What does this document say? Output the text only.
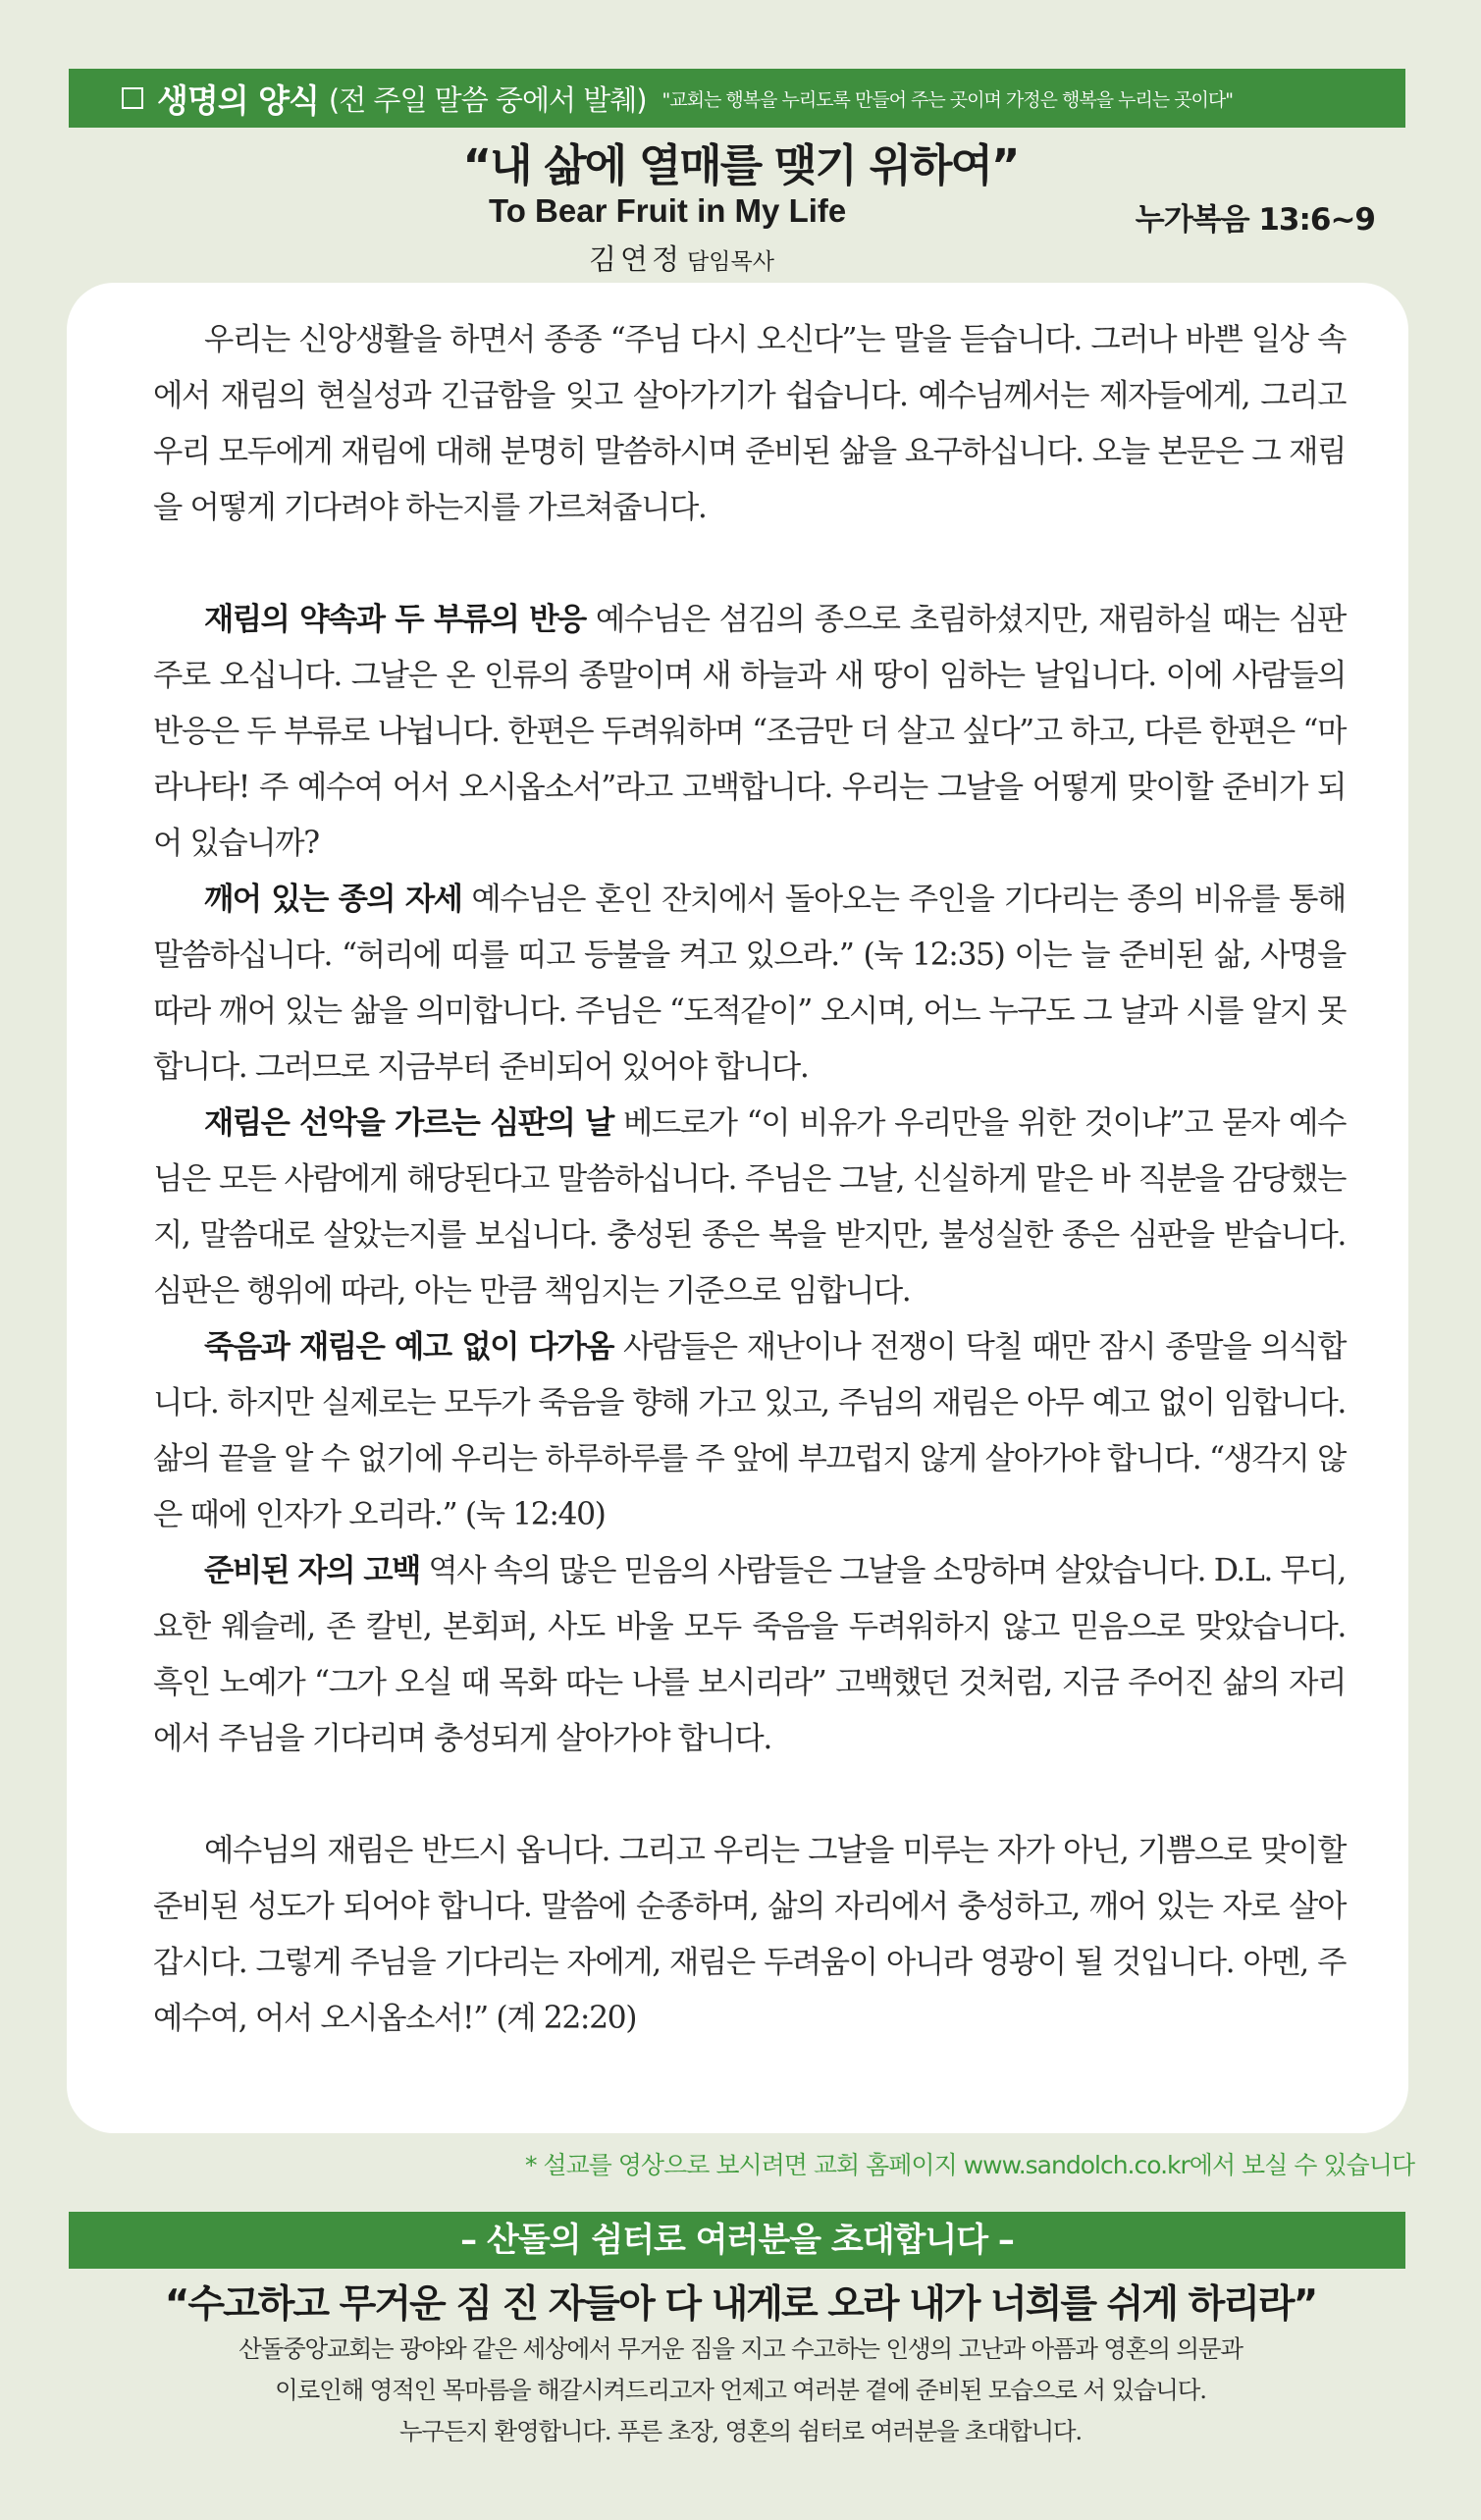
생명의 양식 (전 주일 말씀 중에서 발췌) "교회는 행복을 누리도록 만들어 주는 곳이며 가정은 행복을 누리는 곳이다"
“내 삶에 열매를 맺기 위하여”
To Bear Fruit in My Life	누가복음 13:6~9
김연정 담임목사

우리는 신앙생활을 하면서 종종 “주님 다시 오신다”는 말을 듣습니다. 그러나 바쁜 일상 속에서 재림의 현실성과 긴급함을 잊고 살아가기가 쉽습니다. 예수님께서는 제자들에게, 그리고 우리 모두에게 재림에 대해 분명히 말씀하시며 준비된 삶을 요구하십니다. 오늘 본문은 그 재림을 어떻게 기다려야 하는지를 가르쳐줍니다.

재림의 약속과 두 부류의 반응 예수님은 섬김의 종으로 초림하셨지만, 재림하실 때는 심판주로 오십니다. 그날은 온 인류의 종말이며 새 하늘과 새 땅이 임하는 날입니다. 이에 사람들의 반응은 두 부류로 나뉩니다. 한편은 두려워하며 “조금만 더 살고 싶다”고 하고, 다른 한편은 “마라나타! 주 예수여 어서 오시옵소서”라고 고백합니다. 우리는 그날을 어떻게 맞이할 준비가 되어 있습니까?

깨어 있는 종의 자세 예수님은 혼인 잔치에서 돌아오는 주인을 기다리는 종의 비유를 통해 말씀하십니다. “허리에 띠를 띠고 등불을 켜고 있으라.” (눅 12:35) 이는 늘 준비된 삶, 사명을 따라 깨어 있는 삶을 의미합니다. 주님은 “도적같이” 오시며, 어느 누구도 그 날과 시를 알지 못합니다. 그러므로 지금부터 준비되어 있어야 합니다.

재림은 선악을 가르는 심판의 날 베드로가 “이 비유가 우리만을 위한 것이냐”고 묻자 예수님은 모든 사람에게 해당된다고 말씀하십니다. 주님은 그날, 신실하게 맡은 바 직분을 감당했는지, 말씀대로 살았는지를 보십니다. 충성된 종은 복을 받지만, 불성실한 종은 심판을 받습니다. 심판은 행위에 따라, 아는 만큼 책임지는 기준으로 임합니다.

죽음과 재림은 예고 없이 다가옴 사람들은 재난이나 전쟁이 닥칠 때만 잠시 종말을 의식합니다. 하지만 실제로는 모두가 죽음을 향해 가고 있고, 주님의 재림은 아무 예고 없이 임합니다. 삶의 끝을 알 수 없기에 우리는 하루하루를 주 앞에 부끄럽지 않게 살아가야 합니다. “생각지 않은 때에 인자가 오리라.” (눅 12:40)

준비된 자의 고백 역사 속의 많은 믿음의 사람들은 그날을 소망하며 살았습니다. D.L. 무디, 요한 웨슬레, 존 칼빈, 본회퍼, 사도 바울 모두 죽음을 두려워하지 않고 믿음으로 맞았습니다. 흑인 노예가 “그가 오실 때 목화 따는 나를 보시리라” 고백했던 것처럼, 지금 주어진 삶의 자리에서 주님을 기다리며 충성되게 살아가야 합니다.

예수님의 재림은 반드시 옵니다. 그리고 우리는 그날을 미루는 자가 아닌, 기쁨으로 맞이할 준비된 성도가 되어야 합니다. 말씀에 순종하며, 삶의 자리에서 충성하고, 깨어 있는 자로 살아갑시다. 그렇게 주님을 기다리는 자에게, 재림은 두려움이 아니라 영광이 될 것입니다. 아멘, 주 예수여, 어서 오시옵소서!” (계 22:20)

* 설교를 영상으로 보시려면 교회 홈페이지 www.sandolch.co.kr에서 보실 수 있습니다
– 산돌의 쉼터로 여러분을 초대합니다 –
“수고하고 무거운 짐 진 자들아 다 내게로 오라 내가 너희를 쉬게 하리라”
산돌중앙교회는 광야와 같은 세상에서 무거운 짐을 지고 수고하는 인생의 고난과 아픔과 영혼의 의문과
이로인해 영적인 목마름을 해갈시켜드리고자 언제고 여러분 곁에 준비된 모습으로 서 있습니다.
누구든지 환영합니다. 푸른 초장, 영혼의 쉼터로 여러분을 초대합니다.
